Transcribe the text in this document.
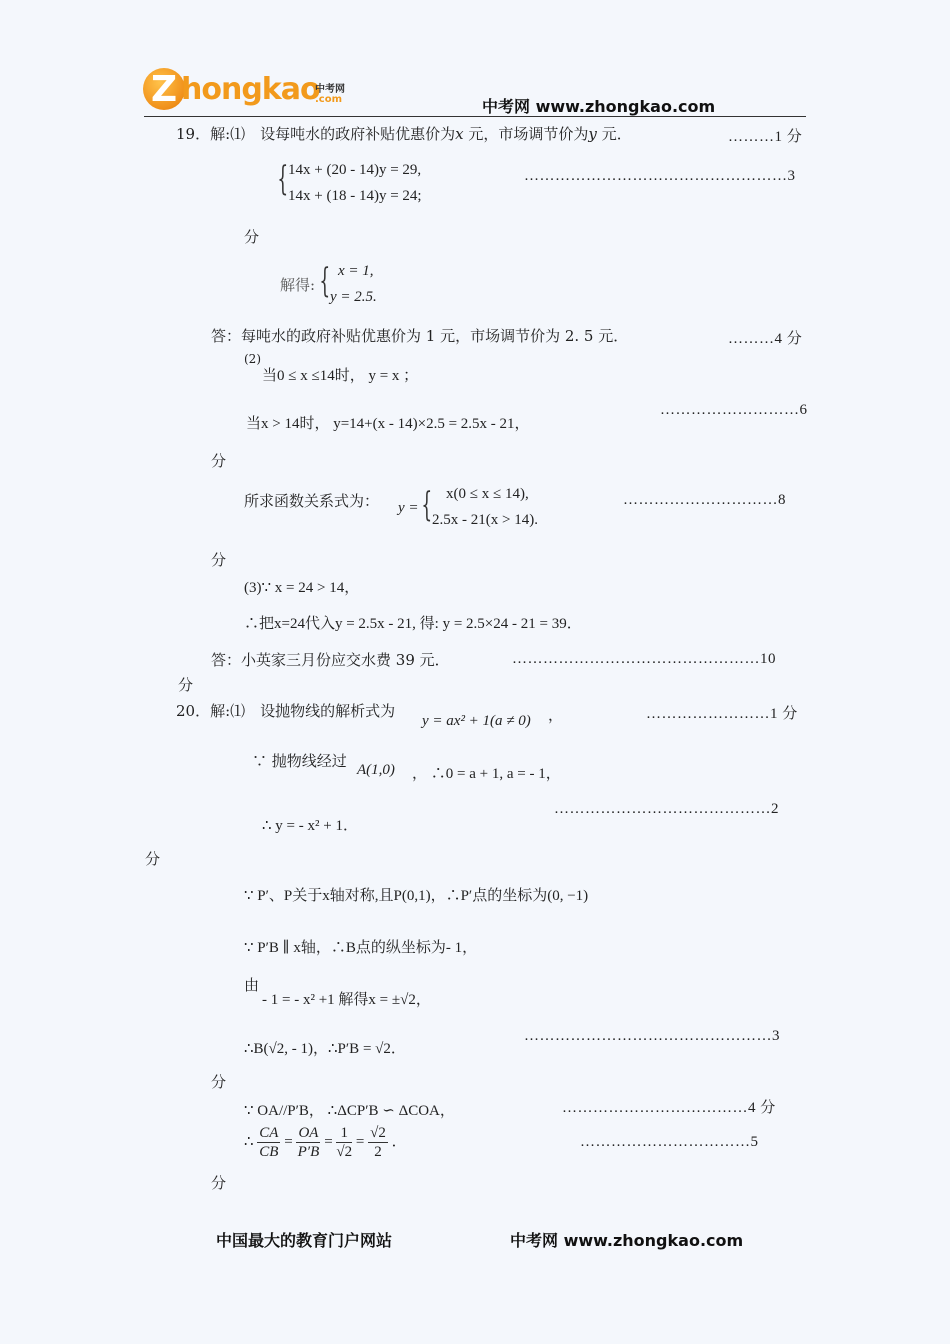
Z hongkao
中考网
.com	中考网 www.zhongkao.com
19．解:⑴　设每吨水的政府补贴优惠价为x 元，市场调节价为y 元．	………1 分
{ 14x + (20 - 14)y = 29,
14x + (18 - 14)y = 24;
……………………………………………3
分
解得: { x = 1,
y = 2.5.
答：每吨水的政府补贴优惠价为 1 元，市场调节价为 2. 5 元．	………4 分
(2)
当0 ≤ x ≤14时， y = x ；
当x > 14时， y=14+(x - 14)×2.5 = 2.5x - 21，
………………………6
分
所求函数关系式为： y = { x(0 ≤ x ≤ 14),
2.5x - 21(x > 14).
…………………………8
分
(3)∵ x = 24 > 14，
∴把x=24代入y = 2.5x - 21, 得: y = 2.5×24 - 21 = 39．
答：小英家三月份应交水费 39 元．	…………………………………………10
分
20．解:⑴　设抛物线的解析式为
y = ax² + 1(a ≠ 0) ，	……………………1 分
∵ 抛物线经过 A(1,0) ， ∴0 = a + 1, a = - 1，
……………………………………2
∴ y = - x² + 1．
分
∵ P′、P关于x轴对称,且P(0,1)，∴P′点的坐标为(0, −1)
∵ P′B ∥ x轴，∴B点的纵坐标为- 1，
由
- 1 = - x² +1 解得x = ±√2，
∴B(√2, - 1)，∴P′B = √2．
…………………………………………3
分
∵ OA//P′B， ∴ΔCP′B ∽ ΔCOA，	………………………………4 分
∴ $\frac{CA}{CB} = \frac{OA}{P'B} = \frac{1}{√2} = \frac{√2}{2}$ ．	……………………………5
分
中国最大的教育门户网站	中考网 www.zhongkao.com
